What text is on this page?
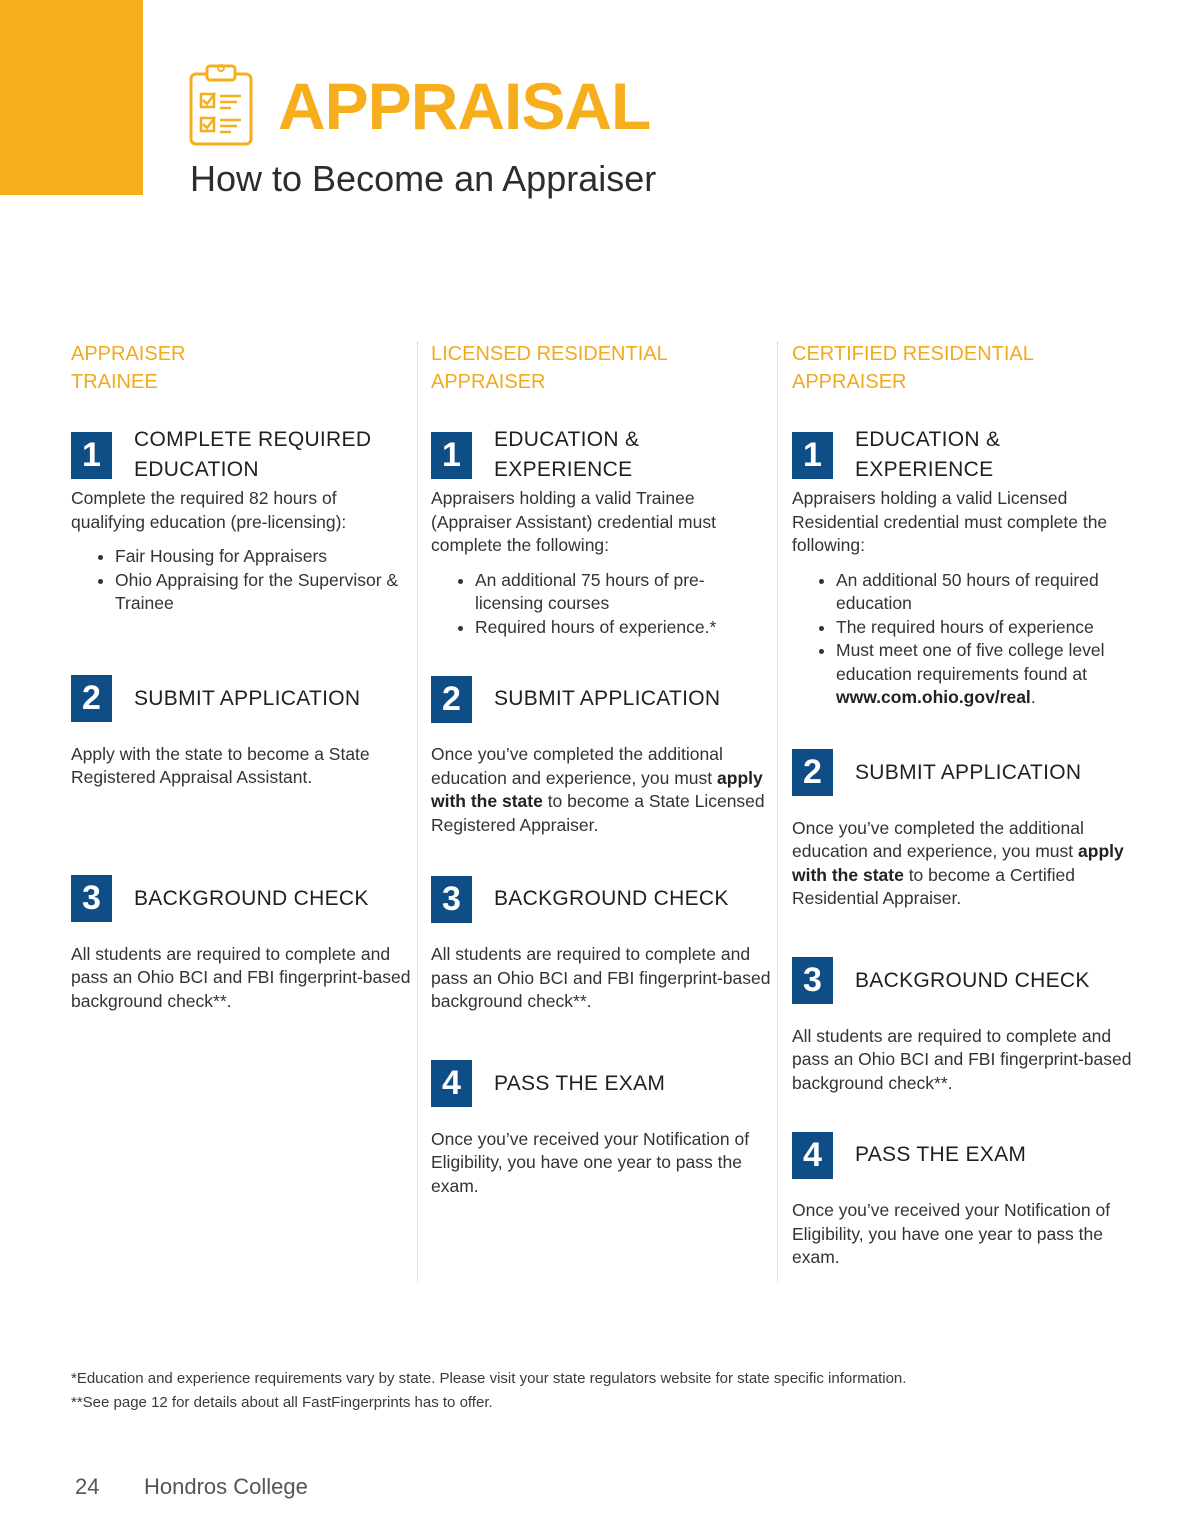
APPRAISAL
How to Become an Appraiser
APPRAISER
TRAINEE
1	COMPLETE REQUIRED
EDUCATION

Complete the required 82 hours of qualifying education (pre-licensing):

• Fair Housing for Appraisers
• Ohio Appraising for the Supervisor & Trainee
2	SUBMIT APPLICATION

Apply with the state to become a State Registered Appraisal Assistant.

3	BACKGROUND CHECK

All students are required to complete and pass an Ohio BCI and FBI fingerprint-based background check**.

LICENSED RESIDENTIAL
APPRAISER
1	EDUCATION &
EXPERIENCE

Appraisers holding a valid Trainee (Appraiser Assistant) credential must complete the following:

• An additional 75 hours of pre-licensing courses
• Required hours of experience.*
2	SUBMIT APPLICATION

Once you’ve completed the additional education and experience, you must apply with the state to become a State Licensed Registered Appraiser.

3	BACKGROUND CHECK

All students are required to complete and pass an Ohio BCI and FBI fingerprint-based background check**.

4	PASS THE EXAM

Once you’ve received your Notification of Eligibility, you have one year to pass the exam.

CERTIFIED RESIDENTIAL
APPRAISER
1	EDUCATION &
EXPERIENCE

Appraisers holding a valid Licensed Residential credential must complete the following:

• An additional 50 hours of required education
• The required hours of experience
• Must meet one of five college level education requirements found at www.com.ohio.gov/real.
2	SUBMIT APPLICATION

Once you’ve completed the additional education and experience, you must apply with the state to become a Certified Residential Appraiser.

3	BACKGROUND CHECK

All students are required to complete and pass an Ohio BCI and FBI fingerprint-based background check**.

4	PASS THE EXAM

Once you’ve received your Notification of Eligibility, you have one year to pass the exam.

*Education and experience requirements vary by state. Please visit your state regulators website for state specific information.

**See page 12 for details about all FastFingerprints has to offer.

24 Hondros College
